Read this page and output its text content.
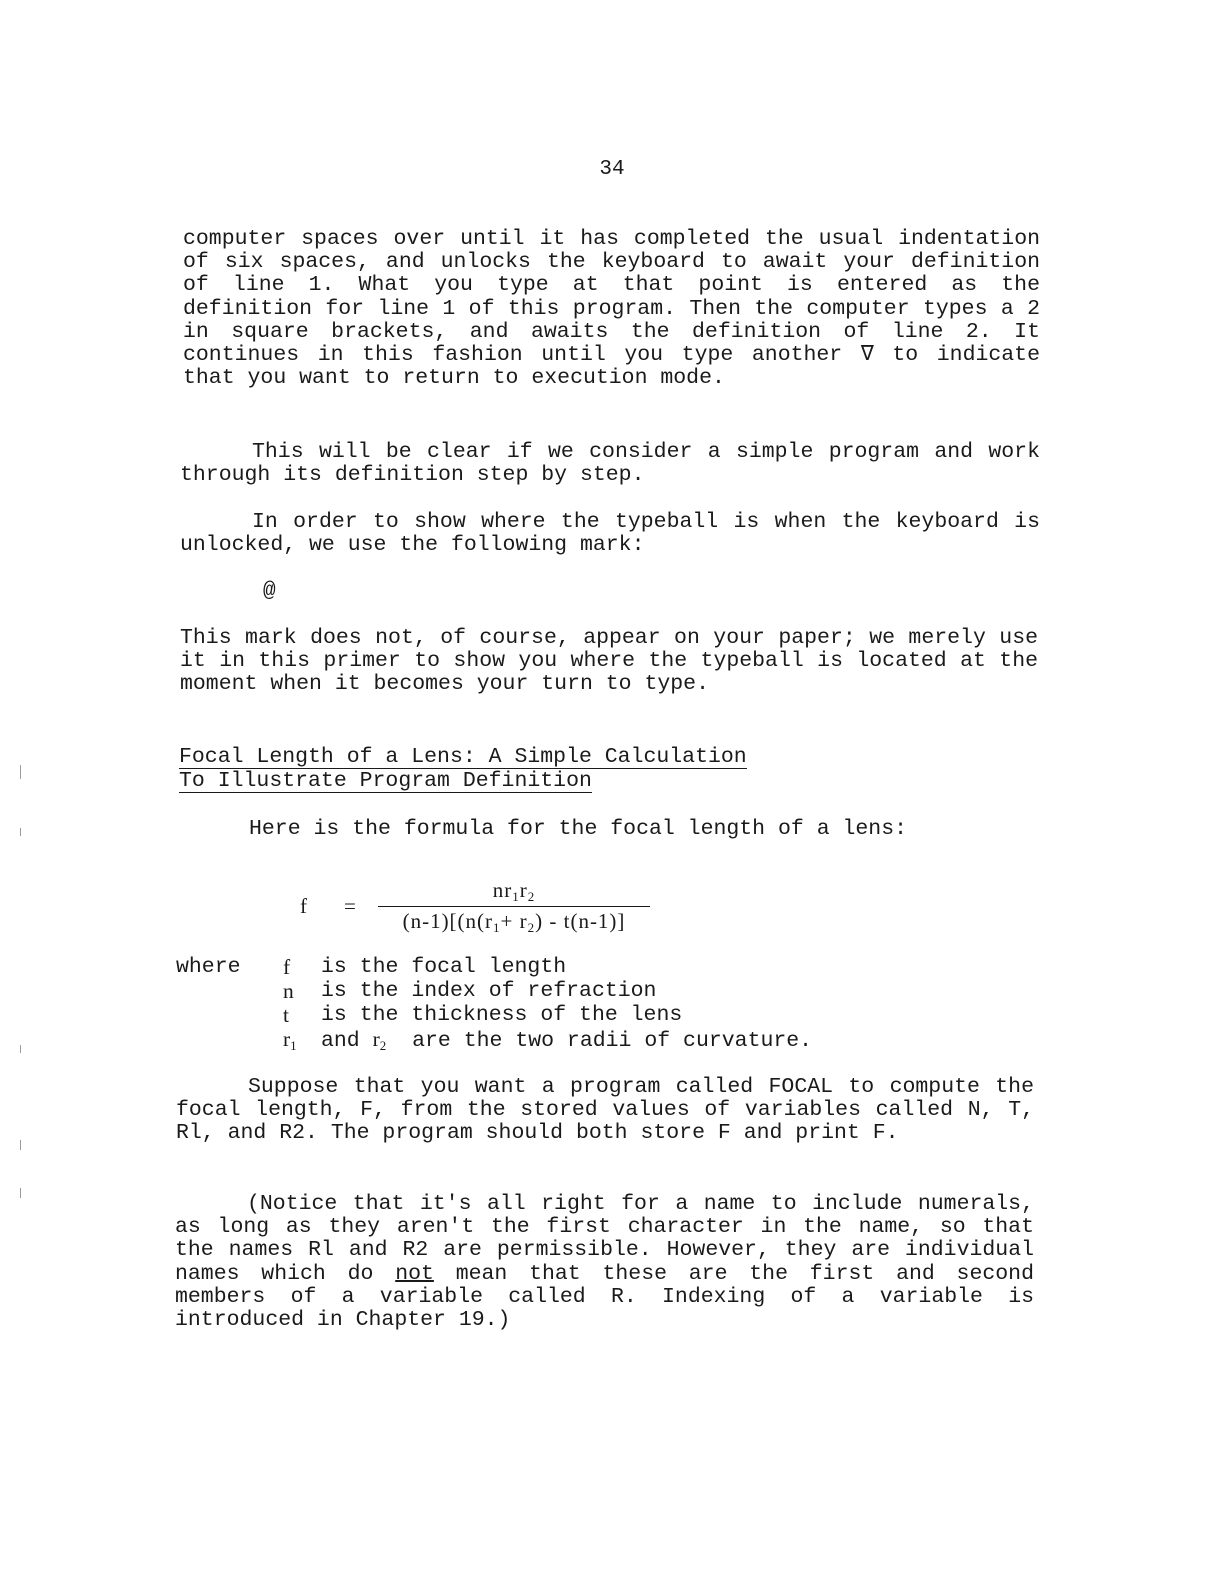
34

computer spaces over until it has completed the usual indentation of six spaces, and unlocks the keyboard to await your definition of line 1. What you type at that point is entered as the definition for line 1 of this program. Then the computer types a 2 in square brackets, and awaits the definition of line 2. It continues in this fashion until you type another ∇ to indicate that you want to return to execution mode.

This will be clear if we consider a simple program and work through its definition step by step.

In order to show where the typeball is when the keyboard is unlocked, we use the following mark:

@

This mark does not, of course, appear on your paper; we merely use it in this primer to show you where the typeball is located at the moment when it becomes your turn to type.

Focal Length of a Lens: A Simple Calculation
To Illustrate Program Definition

Here is the formula for the focal length of a lens:

f	= $\frac{nr_1r_2}{(n-1)[(n(r_1+ r_2) - t(n-1)]}$
where	f is the focal length
n is the index of refraction
t is the thickness of the lens
$r_1$ and $r_2$ are the two radii of curvature.

Suppose that you want a program called FOCAL to compute the focal length, F, from the stored values of variables called N, T, Rl, and R2. The program should both store F and print F.

(Notice that it's all right for a name to include numerals, as long as they aren't the first character in the name, so that the names Rl and R2 are permissible. However, they are individual names which do not mean that these are the first and second members of a variable called R. Indexing of a variable is introduced in Chapter 19.)
